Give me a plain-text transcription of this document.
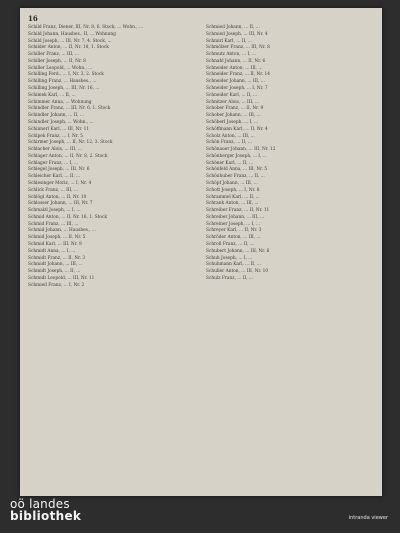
16
Schild Franz, Diener, III, Nr. 8, 6. Stock, ... Wohn., ...
Schild Johann, Hausbes., II, ... Wohnung
Schild Joseph, ... III, Nr. 7, 4. Stock, ...
Schilder Anton, ... II, Nr. 18, 1. Stock
Schiller Franz, ... III, ...
Schiller Joseph, ... II, Nr. 8
Schiller Leopold, ... Wohn., ...
Schilling Ferd., ... I, Nr. 3, 2. Stock
Schilling Franz, ... Hausbes., ...
Schilling Joseph, ... III, Nr. 16, ...
Schimek Karl, ... II, ...
Schimmer Anna, ... Wohnung
Schindler Franz, ... III, Nr. 6, 1. Stock
Schindler Johann, ... II, ...
Schindler Joseph, ... Wohn., ...
Schinnerl Karl, ... III, Nr. 11
Schipek Franz, ... I, Nr. 5
Schirmer Joseph, ... II, Nr. 12, 3. Stock
Schlacher Alois, ... III, ...
Schlager Anton, ... II, Nr. 8, 2. Stock
Schlager Franz, ... I, ...
Schlegel Joseph, ... III, Nr. 6
Schleicher Karl, ... II, ...
Schlesinger Moriz, ... I, Nr. 4
Schlick Franz, ... III, ...
Schlögl Anton, ... II, Nr. 10
Schlosser Johann, ... III, Nr. 7
Schmalzl Joseph, ... I, ...
Schmid Anton, ... II, Nr. 16, 1. Stock
Schmid Franz, ... III, ...
Schmid Johann, ... Hausbes., ...
Schmid Joseph, ... II, Nr. 5
Schmid Karl, ... III, Nr. 9
Schmidt Anna, ... I, ...
Schmidt Franz, ... II, Nr. 3
Schmidt Johann, ... III, ...
Schmidt Joseph, ... II, ...
Schmidt Leopold, ... III, Nr. 11
Schmied Franz, ... I, Nr. 2
Schmied Johann, ... II, ...
Schmied Joseph, ... III, Nr. 4
Schmirl Karl, ... II, ...
Schmölzer Franz, ... III, Nr. 8
Schmutz Anton, ... I, ...
Schnabl Johann, ... II, Nr. 6
Schneider Anton, ... III, ...
Schneider Franz, ... II, Nr. 14
Schneider Johann, ... III, ...
Schneider Joseph, ... I, Nr. 7
Schneider Karl, ... II, ...
Schnitzer Alois, ... III, ...
Schober Franz, ... II, Nr. 9
Schober Johann, ... III, ...
Schöberl Joseph, ... I, ...
Schöffmann Karl, ... II, Nr. 4
Scholz Anton, ... III, ...
Schön Franz, ... II, ...
Schönauer Johann, ... III, Nr. 12
Schönberger Joseph, ... I, ...
Schöner Karl, ... II, ...
Schönfeld Anna, ... III, Nr. 5
Schönhuber Franz, ... II, ...
Schöpf Johann, ... III, ...
Schott Joseph, ... I, Nr. 8
Schrammel Karl, ... II, ...
Schrank Anton, ... III, ...
Schreiber Franz, ... II, Nr. 11
Schreiber Johann, ... III, ...
Schreiner Joseph, ... I, ...
Schreyer Karl, ... II, Nr. 3
Schröder Anton, ... III, ...
Schroll Franz, ... II, ...
Schubert Johann, ... III, Nr. 6
Schuh Joseph, ... I, ...
Schuhmann Karl, ... II, ...
Schuller Anton, ... III, Nr. 10
Schulz Franz, ... II, ...
oö landes
bibliothek	intranda viewer
